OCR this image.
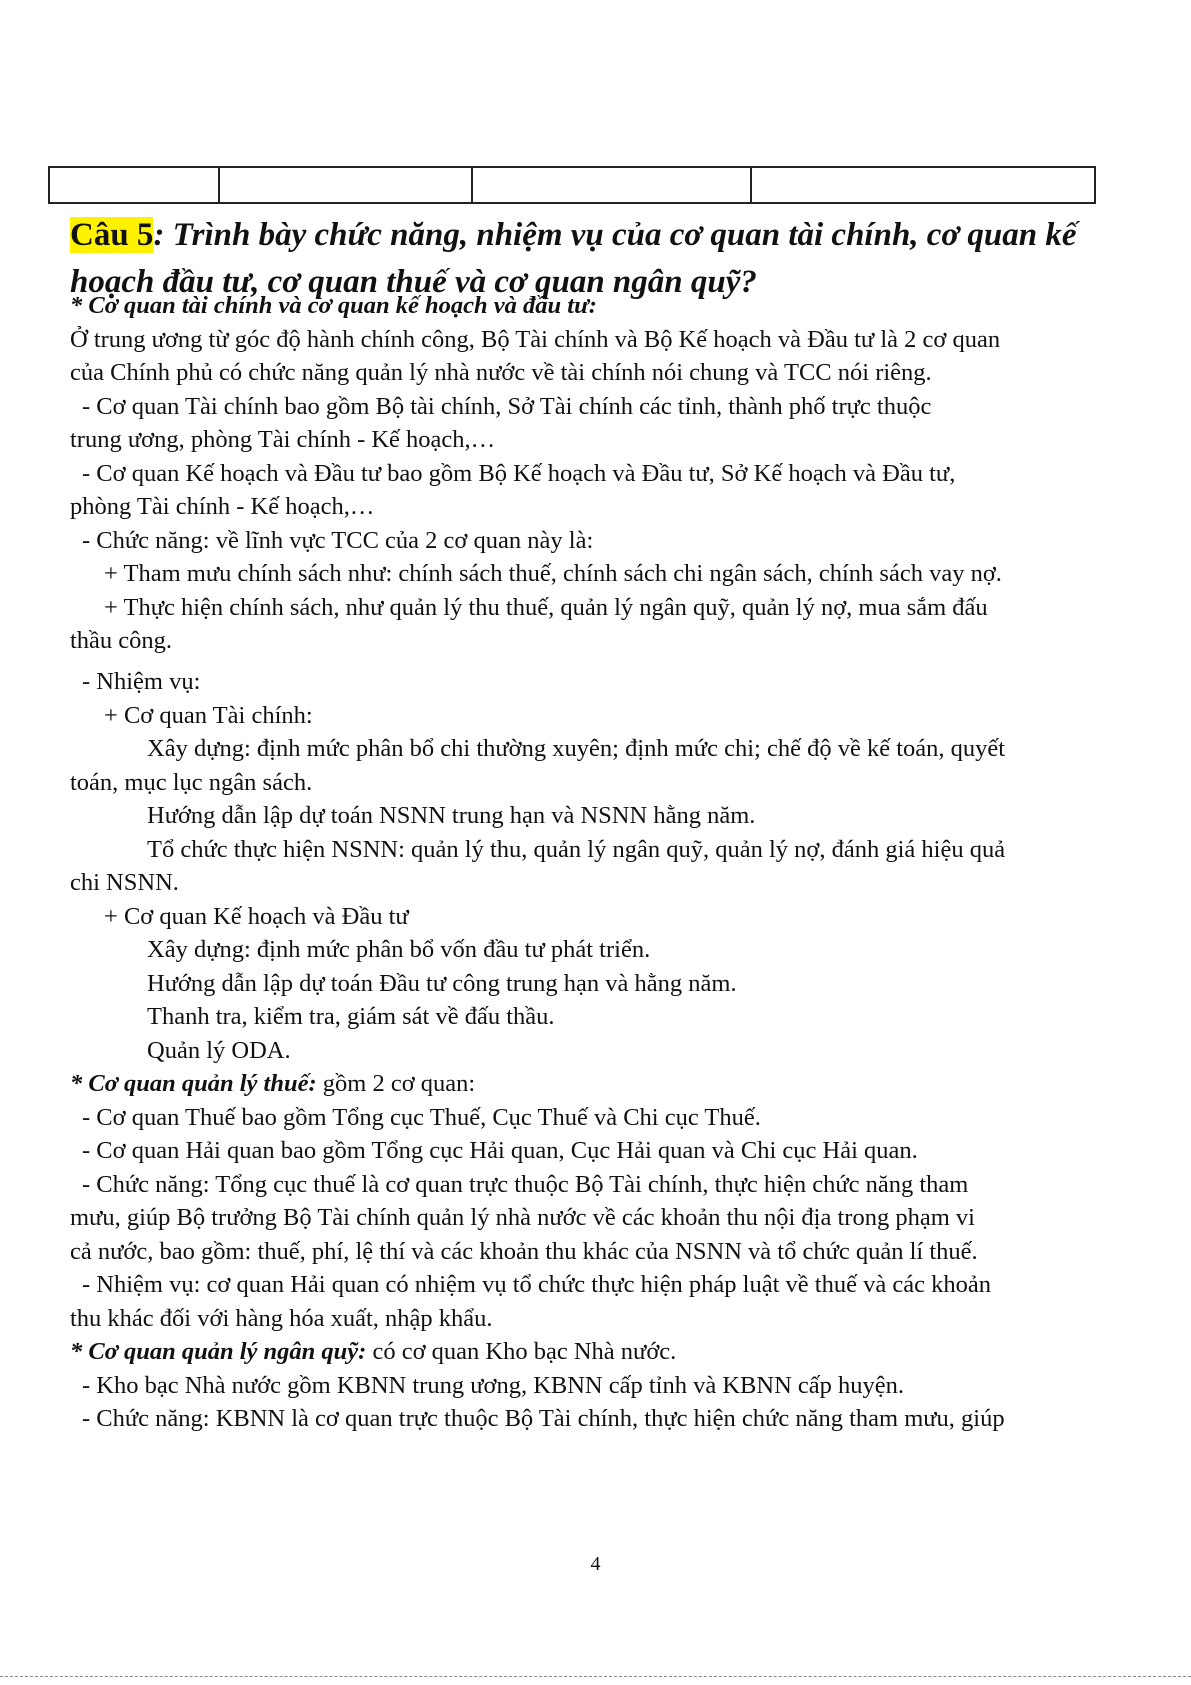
Câu 5: Trình bày chức năng, nhiệm vụ của cơ quan tài chính, cơ quan kế hoạch đầu tư, cơ quan thuế và cơ quan ngân quỹ?
* Cơ quan tài chính và cơ quan kế hoạch và đầu tư:
Ở trung ương từ góc độ hành chính công, Bộ Tài chính và Bộ Kế hoạch và Đầu tư là 2 cơ quan
của Chính phủ có chức năng quản lý nhà nước về tài chính nói chung và TCC nói riêng.
- Cơ quan Tài chính bao gồm Bộ tài chính, Sở Tài chính các tỉnh, thành phố trực thuộc
trung ương, phòng Tài chính - Kế hoạch,…
- Cơ quan Kế hoạch và Đầu tư bao gồm Bộ Kế hoạch và Đầu tư, Sở Kế hoạch và Đầu tư,
phòng Tài chính - Kế hoạch,…
- Chức năng: về lĩnh vực TCC của 2 cơ quan này là:
+ Tham mưu chính sách như: chính sách thuế, chính sách chi ngân sách, chính sách vay nợ.
+ Thực hiện chính sách, như quản lý thu thuế, quản lý ngân quỹ, quản lý nợ, mua sắm đấu
thầu công.
- Nhiệm vụ:
+ Cơ quan Tài chính:
Xây dựng: định mức phân bổ chi thường xuyên; định mức chi; chế độ về kế toán, quyết
toán, mục lục ngân sách.
Hướng dẫn lập dự toán NSNN trung hạn và NSNN hằng năm.
Tổ chức thực hiện NSNN: quản lý thu, quản lý ngân quỹ, quản lý nợ, đánh giá hiệu quả
chi NSNN.
+ Cơ quan Kế hoạch và Đầu tư
Xây dựng: định mức phân bổ vốn đầu tư phát triển.
Hướng dẫn lập dự toán Đầu tư công trung hạn và hằng năm.
Thanh tra, kiểm tra, giám sát về đấu thầu.
Quản lý ODA.
* Cơ quan quản lý thuế: gồm 2 cơ quan:
- Cơ quan Thuế bao gồm Tổng cục Thuế, Cục Thuế và Chi cục Thuế.
- Cơ quan Hải quan bao gồm Tổng cục Hải quan, Cục Hải quan và Chi cục Hải quan.
- Chức năng: Tổng cục thuế là cơ quan trực thuộc Bộ Tài chính, thực hiện chức năng tham
mưu, giúp Bộ trưởng Bộ Tài chính quản lý nhà nước về các khoản thu nội địa trong phạm vi
cả nước, bao gồm: thuế, phí, lệ thí và các khoản thu khác của NSNN và tổ chức quản lí thuế.
- Nhiệm vụ: cơ quan Hải quan có nhiệm vụ tổ chức thực hiện pháp luật về thuế và các khoản
thu khác đối với hàng hóa xuất, nhập khẩu.
* Cơ quan quản lý ngân quỹ: có cơ quan Kho bạc Nhà nước.
- Kho bạc Nhà nước gồm KBNN trung ương, KBNN cấp tỉnh và KBNN cấp huyện.
- Chức năng: KBNN là cơ quan trực thuộc Bộ Tài chính, thực hiện chức năng tham mưu, giúp
4
